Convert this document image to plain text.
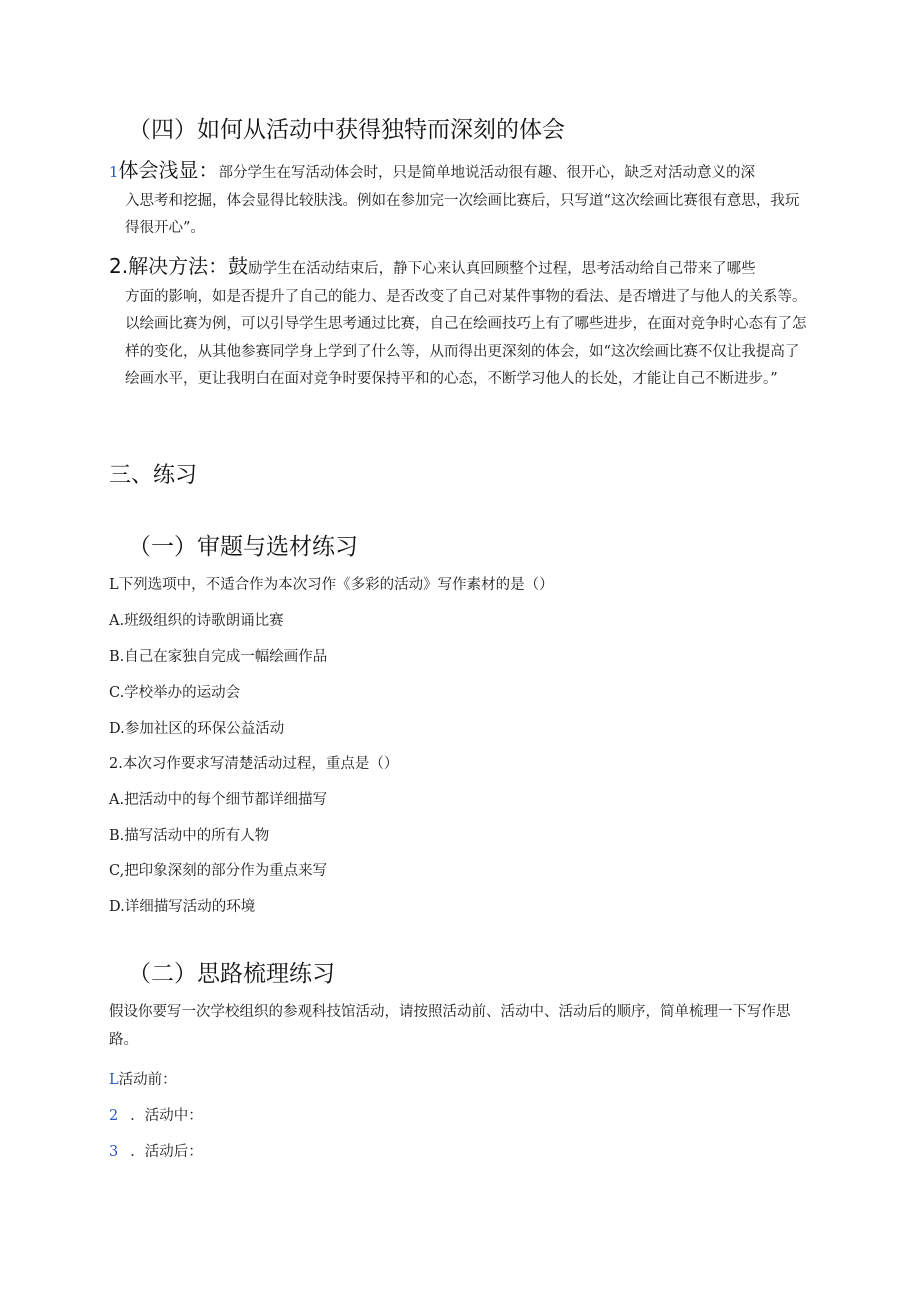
（四）如何从活动中获得独特而深刻的体会

1体会浅显：部分学生在写活动体会时，只是简单地说活动很有趣、很开心，缺乏对活动意义的深
入思考和挖掘，体会显得比较肤浅。例如在参加完一次绘画比赛后，只写道“这次绘画比赛很有意思，我玩得很开心”。

2.解决方法：鼓励学生在活动结束后，静下心来认真回顾整个过程，思考活动给自己带来了哪些
方面的影响，如是否提升了自己的能力、是否改变了自己对某件事物的看法、是否增进了与他人的关系等。以绘画比赛为例，可以引导学生思考通过比赛，自己在绘画技巧上有了哪些进步，在面对竞争时心态有了怎样的变化，从其他参赛同学身上学到了什么等，从而得出更深刻的体会，如“这次绘画比赛不仅让我提高了绘画水平，更让我明白在面对竞争时要保持平和的心态，不断学习他人的长处，才能让自己不断进步。”

三、练习
（一）审题与选材练习

L下列选项中，不适合作为本次习作《多彩的活动》写作素材的是（）

A.班级组织的诗歌朗诵比赛

B.自己在家独自完成一幅绘画作品

C.学校举办的运动会

D.参加社区的环保公益活动

2.本次习作要求写清楚活动过程，重点是（）

A.把活动中的每个细节都详细描写

B.描写活动中的所有人物

C,把印象深刻的部分作为重点来写

D.详细描写活动的环境

（二）思路梳理练习

假设你要写一次学校组织的参观科技馆活动，请按照活动前、活动中、活动后的顺序，简单梳理一下写作思路。

L活动前：

2 ．活动中：

3 ．活动后：
